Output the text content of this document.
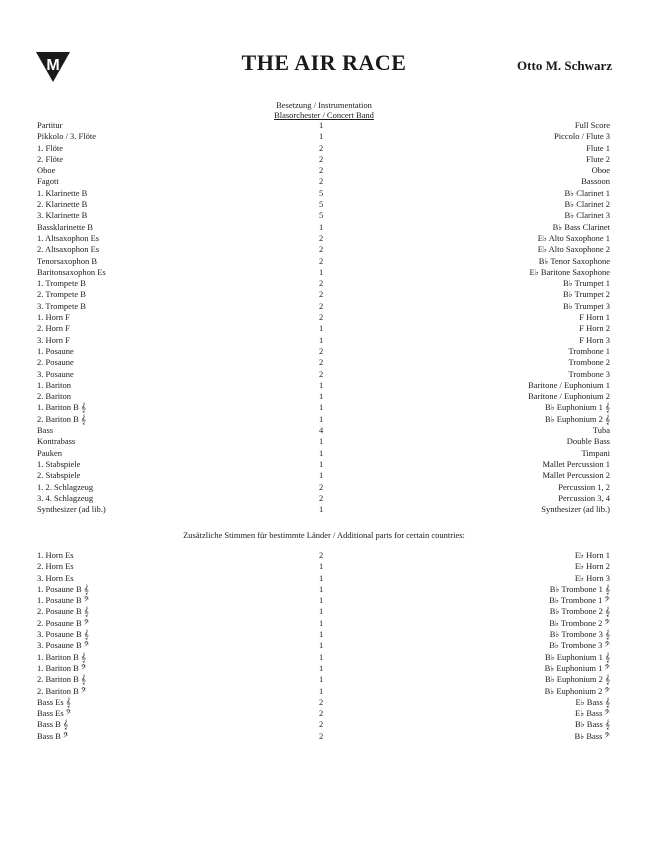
M	THE AIR RACE	Otto M. Schwarz
Besetzung / Instrumentation
Blasorchester / Concert Band
Partitur	1	Full Score
Pikkolo / 3. Flöte	1	Piccolo / Flute 3
1. Flöte	2	Flute 1
2. Flöte	2	Flute 2
Oboe	2	Oboe
Fagott	2	Bassoon
1. Klarinette B	5	B♭ Clarinet 1
2. Klarinette B	5	B♭ Clarinet 2
3. Klarinette B	5	B♭ Clarinet 3
Bassklarinette B	1	B♭ Bass Clarinet
1. Altsaxophon Es	2	E♭ Alto Saxophone 1
2. Altsaxophon Es	2	E♭ Alto Saxophone 2
Tenorsaxophon B	2	B♭ Tenor Saxophone
Baritonsaxophon Es	1	E♭ Baritone Saxophone
1. Trompete B	2	B♭ Trumpet 1
2. Trompete B	2	B♭ Trumpet 2
3. Trompete B	2	B♭ Trumpet 3
1. Horn F	2	F Horn 1
2. Horn F	1	F Horn 2
3. Horn F	1	F Horn 3
1. Posaune	2	Trombone 1
2. Posaune	2	Trombone 2
3. Posaune	2	Trombone 3
1. Bariton	1	Baritone / Euphonium 1
2. Bariton	1	Baritone / Euphonium 2
1. Bariton B 𝄞	1	B♭ Euphonium 1 𝄞
2. Bariton B 𝄞	1	B♭ Euphonium 2 𝄞
Bass	4	Tuba
Kontrabass	1	Double Bass
Pauken	1	Timpani
1. Stabspiele	1	Mallet Percussion 1
2. Stabspiele	1	Mallet Percussion 2
1. 2. Schlagzeug	2	Percussion 1, 2
3. 4. Schlagzeug	2	Percussion 3, 4
Synthesizer (ad lib.)	1	Synthesizer (ad lib.)
Zusätzliche Stimmen für bestimmte Länder / Additional parts for certain countries:
1. Horn Es	2	E♭ Horn 1
2. Horn Es	1	E♭ Horn 2
3. Horn Es	1	E♭ Horn 3
1. Posaune B 𝄞	1	B♭ Trombone 1 𝄞
1. Posaune B 𝄢	1	B♭ Trombone 1 𝄢
2. Posaune B 𝄞	1	B♭ Trombone 2 𝄞
2. Posaune B 𝄢	1	B♭ Trombone 2 𝄢
3. Posaune B 𝄞	1	B♭ Trombone 3 𝄞
3. Posaune B 𝄢	1	B♭ Trombone 3 𝄢
1. Bariton B 𝄞	1	B♭ Euphonium 1 𝄞
1. Bariton B 𝄢	1	B♭ Euphonium 1 𝄢
2. Bariton B 𝄞	1	B♭ Euphonium 2 𝄞
2. Bariton B 𝄢	1	B♭ Euphonium 2 𝄢
Bass Es 𝄞	2	E♭ Bass 𝄞
Bass Es 𝄢	2	E♭ Bass 𝄢
Bass B 𝄞	2	B♭ Bass 𝄞
Bass B 𝄢	2	B♭ Bass 𝄢
